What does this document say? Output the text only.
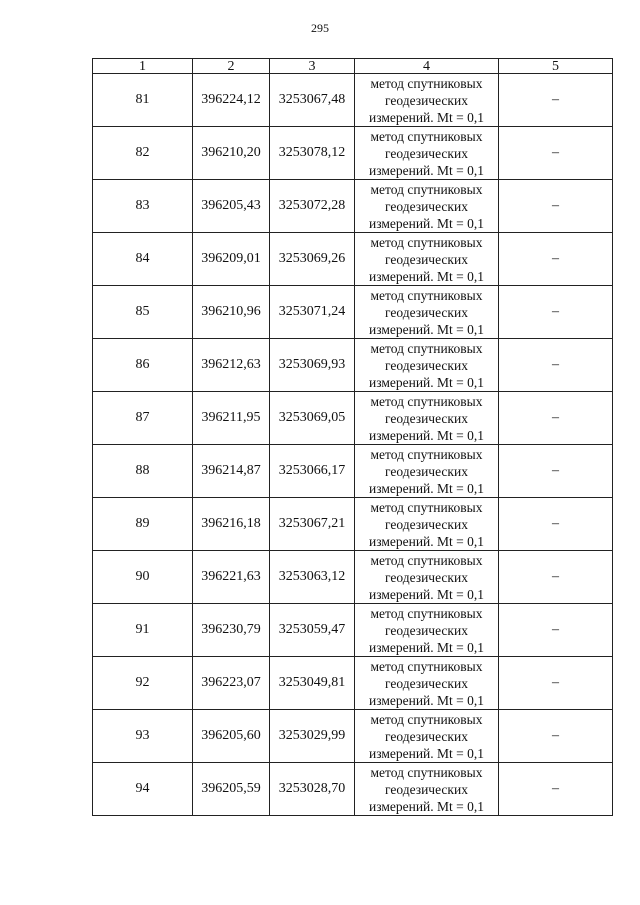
295
1	2	3	4	5
81	396224,12	3253067,48	метод спутниковых
геодезических
измерений. Mt = 0,1	–
82	396210,20	3253078,12	метод спутниковых
геодезических
измерений. Mt = 0,1	–
83	396205,43	3253072,28	метод спутниковых
геодезических
измерений. Mt = 0,1	–
84	396209,01	3253069,26	метод спутниковых
геодезических
измерений. Mt = 0,1	–
85	396210,96	3253071,24	метод спутниковых
геодезических
измерений. Mt = 0,1	–
86	396212,63	3253069,93	метод спутниковых
геодезических
измерений. Mt = 0,1	–
87	396211,95	3253069,05	метод спутниковых
геодезических
измерений. Mt = 0,1	–
88	396214,87	3253066,17	метод спутниковых
геодезических
измерений. Mt = 0,1	–
89	396216,18	3253067,21	метод спутниковых
геодезических
измерений. Mt = 0,1	–
90	396221,63	3253063,12	метод спутниковых
геодезических
измерений. Mt = 0,1	–
91	396230,79	3253059,47	метод спутниковых
геодезических
измерений. Mt = 0,1	–
92	396223,07	3253049,81	метод спутниковых
геодезических
измерений. Mt = 0,1	–
93	396205,60	3253029,99	метод спутниковых
геодезических
измерений. Mt = 0,1	–
94	396205,59	3253028,70	метод спутниковых
геодезических
измерений. Mt = 0,1	–
